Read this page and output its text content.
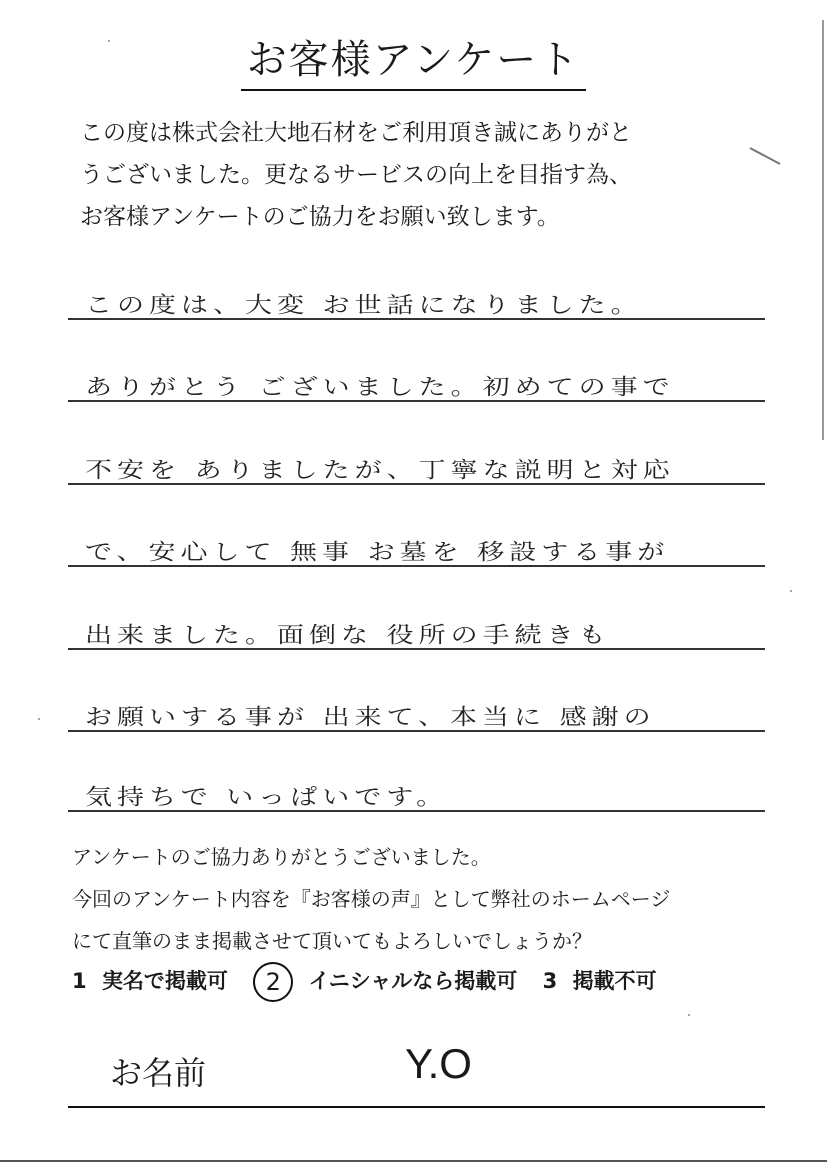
お客様アンケート

この度は株式会社大地石材をご利用頂き誠にありがと

うございました。更なるサービスの向上を目指す為、

お客様アンケートのご協力をお願い致します。

この度は、大変 お世話になりました。
ありがとう ございました。初めての事で
不安を ありましたが、丁寧な説明と対応
で、安心して 無事 お墓を 移設する事が
出来ました。面倒な 役所の手続きも
お願いする事が 出来て、本当に 感謝の
気持ちで いっぱいです。

アンケートのご協力ありがとうございました。

今回のアンケート内容を『お客様の声』として弊社のホームページ

にて直筆のまま掲載させて頂いてもよろしいでしょうか？

1 実名で掲載可 2 イニシャルなら掲載可 3 掲載不可
お名前	Y.O
